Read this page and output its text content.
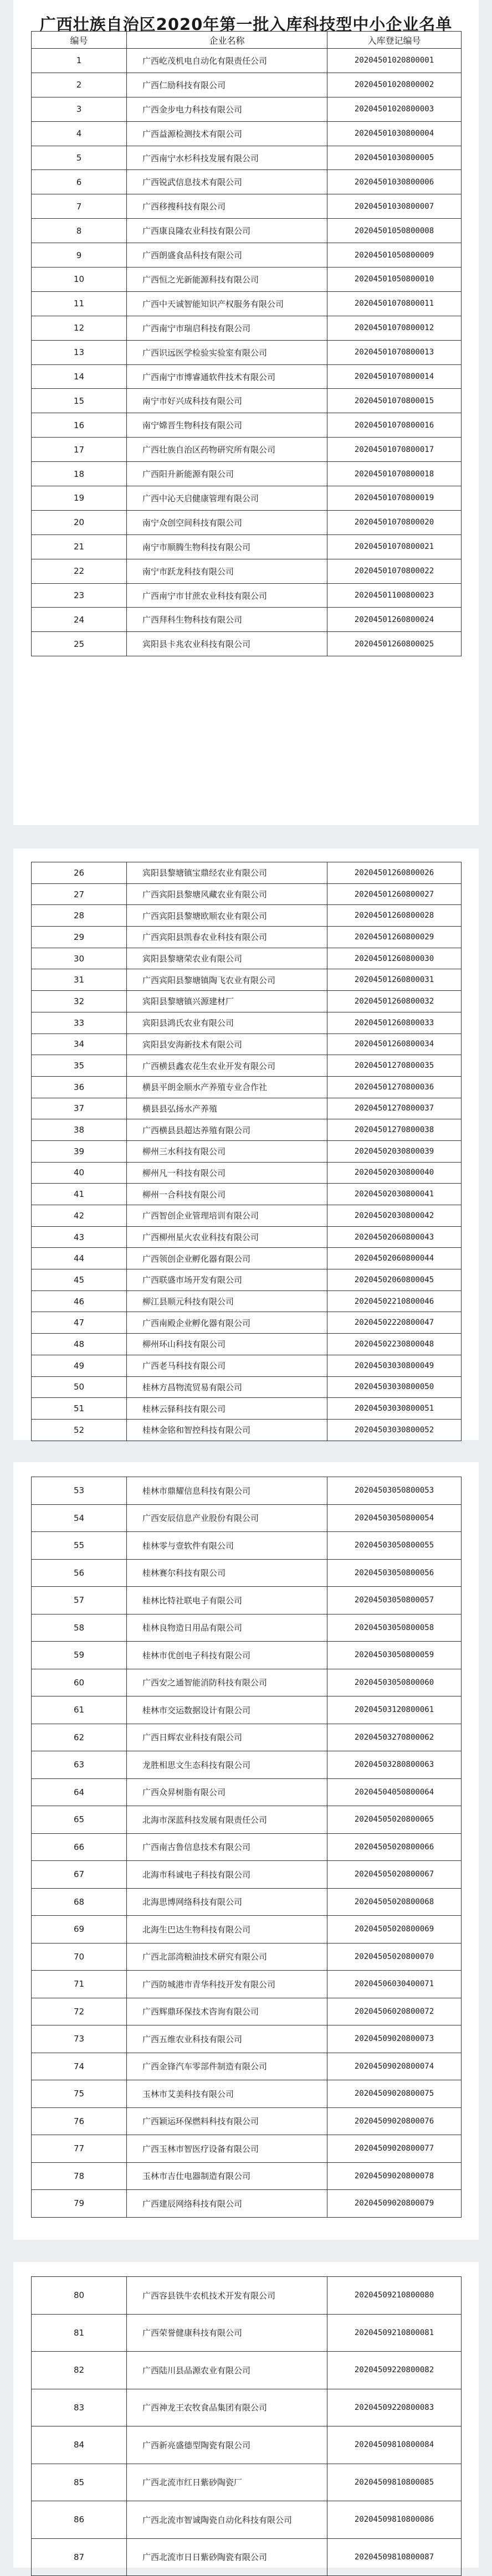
广西壮族自治区2020年第一批入库科技型中小企业名单
编号	企业名称	入库登记编号
1	广西屹茂机电自动化有限责任公司	20204501020800001
2	广西仁励科技有限公司	20204501020800002
3	广西金步电力科技有限公司	20204501020800003
4	广西益源检测技术有限公司	20204501030800004
5	广西南宁水杉科技发展有限公司	20204501030800005
6	广西锐武信息技术有限公司	20204501030800006
7	广西移搜科技有限公司	20204501030800007
8	广西康良隆农业科技有限公司	20204501050800008
9	广西朗盛食品科技有限公司	20204501050800009
10	广西恒之光新能源科技有限公司	20204501050800010
11	广西中天诚智能知识产权服务有限公司	20204501070800011
12	广西南宁市瑞启科技有限公司	20204501070800012
13	广西识远医学检验实验室有限公司	20204501070800013
14	广西南宁市博睿通软件技术有限公司	20204501070800014
15	南宁市好兴成科技有限公司	20204501070800015
16	南宁嫦晋生物科技有限公司	20204501070800016
17	广西壮族自治区药物研究所有限公司	20204501070800017
18	广西阳升新能源有限公司	20204501070800018
19	广西中沁天启健康管理有限公司	20204501070800019
20	南宁众创空间科技有限公司	20204501070800020
21	南宁市顺腾生物科技有限公司	20204501070800021
22	南宁市跃龙科技有限公司	20204501070800022
23	广西南宁市甘蔗农业科技有限公司	20204501100800023
24	广西拜科生物科技有限公司	20204501260800024
25	宾阳县卡兆农业科技有限公司	20204501260800025
26	宾阳县黎塘镇宝鼎经农业有限公司	20204501260800026
27	广西宾阳县黎塘风藏农业有限公司	20204501260800027
28	广西宾阳县黎塘欧顺农业有限公司	20204501260800028
29	广西宾阳县凯春农业科技有限公司	20204501260800029
30	宾阳县黎塘荣农业有限公司	20204501260800030
31	广西宾阳县黎塘镇陶飞农业有限公司	20204501260800031
32	宾阳县黎塘镇兴源建材厂	20204501260800032
33	宾阳县鸿氏农业有限公司	20204501260800033
34	宾阳县安海新技术有限公司	20204501260800034
35	广西横县鑫农花生农业开发有限公司	20204501270800035
36	横县平朗金顺水产养殖专业合作社	20204501270800036
37	横县县弘扬水产养殖	20204501270800037
38	广西横县县超达养殖有限公司	20204501270800038
39	柳州三水科技有限公司	20204502030800039
40	柳州凡一科技有限公司	20204502030800040
41	柳州一合科技有限公司	20204502030800041
42	广西智创企业管理培训有限公司	20204502030800042
43	广西柳州星火农业科技有限公司	20204502060800043
44	广西领创企业孵化器有限公司	20204502060800044
45	广西联盛市场开发有限公司	20204502060800045
46	柳江县顺元科技有限公司	20204502210800046
47	广西南殿企业孵化器有限公司	20204502220800047
48	柳州环山科技有限公司	20204502230800048
49	广西老马科技有限公司	20204503030800049
50	桂林方昌物流贸易有限公司	20204503030800050
51	桂林云驿科技有限公司	20204503030800051
52	桂林金铭和智控科技有限公司	20204503030800052
53	桂林市鼎耀信息科技有限公司	20204503050800053
54	广西安辰信息产业股份有限公司	20204503050800054
55	桂林零与壹软件有限公司	20204503050800055
56	桂林赛尔科技有限公司	20204503050800056
57	桂林比特社联电子有限公司	20204503050800057
58	桂林良物造日用品有限公司	20204503050800058
59	桂林市优创电子科技有限公司	20204503050800059
60	广西安之通智能消防科技有限公司	20204503050800060
61	桂林市交运数据设计有限公司	20204503120800061
62	广西日辉农业科技有限公司	20204503270800062
63	龙胜相思文生态科技有限公司	20204503280800063
64	广西众昇树脂有限公司	20204504050800064
65	北海市深蓝科技发展有限责任公司	20204505020800065
66	广西南古鲁信息技术有限公司	20204505020800066
67	北海市科诚电子科技有限公司	20204505020800067
68	北海思博网络科技有限公司	20204505020800068
69	北海生巴达生物科技有限公司	20204505020800069
70	广西北部湾粮油技术研究有限公司	20204505020800070
71	广西防城港市青华科技开发有限公司	20204506030400071
72	广西辉鼎环保技术咨询有限公司	20204506020800072
73	广西五维农业科技有限公司	20204509020800073
74	广西金锋汽车零部件制造有限公司	20204509020800074
75	玉林市艾美科技有限公司	20204509020800075
76	广西颖运环保燃料科技有限公司	20204509020800076
77	广西玉林市智医疗设备有限公司	20204509020800077
78	玉林市吉仕电器制造有限公司	20204509020800078
79	广西建辰网络科技有限公司	20204509020800079
80	广西容县铁牛农机技术开发有限公司	20204509210800080
81	广西荣誉健康科技有限公司	20204509210800081
82	广西陆川县品源农业有限公司	20204509220800082
83	广西神龙王农牧食品集团有限公司	20204509220800083
84	广西新亮盛德型陶瓷有限公司	20204509810800084
85	广西北流市红日紫砂陶瓷厂	20204509810800085
86	广西北流市智诚陶瓷自动化科技有限公司	20204509810800086
87	广西北流市日日紫砂陶瓷有限公司	20204509810800087
